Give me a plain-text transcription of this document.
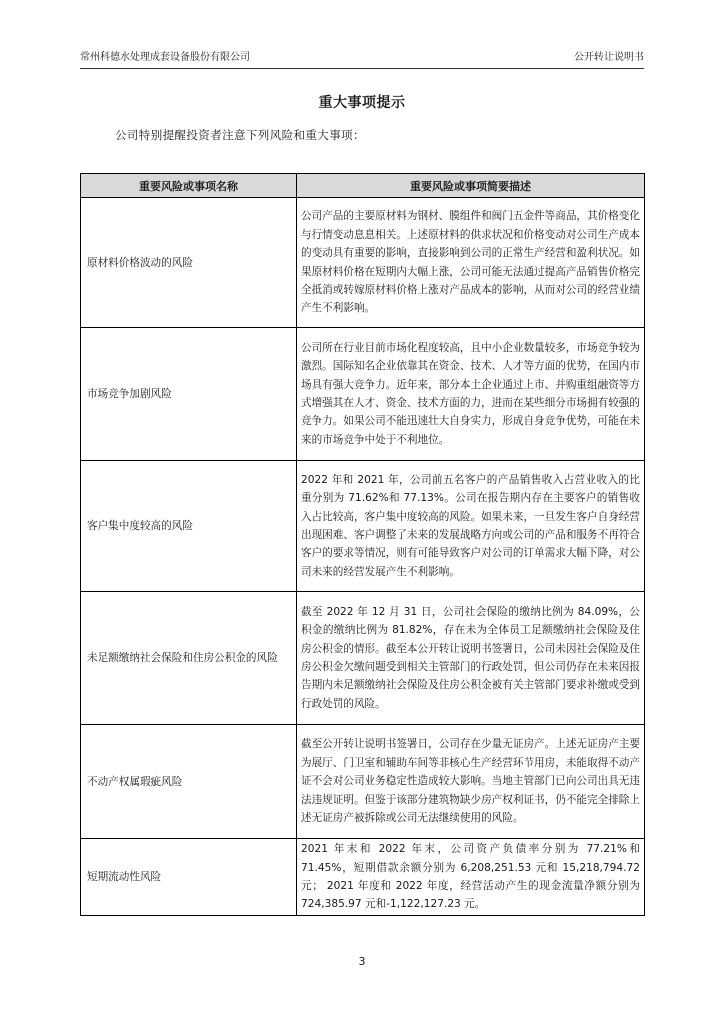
常州科德水处理成套设备股份有限公司	公开转让说明书
重大事项提示
公司特别提醒投资者注意下列风险和重大事项：
重要风险或事项名称	重要风险或事项简要描述
原材料价格波动的风险	公司产品的主要原材料为钢材、膜组件和阀门五金件等商品，其价格变化与行情变动息息相关。上述原材料的供求状况和价格变动对公司生产成本的变动具有重要的影响，直接影响到公司的正常生产经营和盈利状况。如果原材料价格在短期内大幅上涨，公司可能无法通过提高产品销售价格完全抵消或转嫁原材料价格上涨对产品成本的影响，从而对公司的经营业绩产生不利影响。
市场竞争加剧风险	公司所在行业目前市场化程度较高，且中小企业数量较多，市场竞争较为激烈。国际知名企业依靠其在资金、技术、人才等方面的优势，在国内市场具有强大竞争力。近年来，部分本土企业通过上市、并购重组融资等方式增强其在人才、资金、技术方面的力，进而在某些细分市场拥有较强的竞争力。如果公司不能迅速壮大自身实力，形成自身竞争优势，可能在未来的市场竞争中处于不利地位。
客户集中度较高的风险	2022 年和 2021 年，公司前五名客户的产品销售收入占营业收入的比重分别为 71.62%和 77.13%。公司在报告期内存在主要客户的销售收入占比较高，客户集中度较高的风险。如果未来，一旦发生客户自身经营出现困难、客户调整了未来的发展战略方向或公司的产品和服务不再符合客户的要求等情况，则有可能导致客户对公司的订单需求大幅下降，对公司未来的经营发展产生不利影响。
未足额缴纳社会保险和住房公积金的风险	截至 2022 年 12 月 31 日，公司社会保险的缴纳比例为 84.09%，公积金的缴纳比例为 81.82%，存在未为全体员工足额缴纳社会保险及住房公积金的情形。截至本公开转让说明书签署日，公司未因社会保险及住房公积金欠缴问题受到相关主管部门的行政处罚，但公司仍存在未来因报告期内未足额缴纳社会保险及住房公积金被有关主管部门要求补缴或受到行政处罚的风险。
不动产权属瑕疵风险	截至公开转让说明书签署日，公司存在少量无证房产。上述无证房产主要为展厅、门卫室和辅助车间等非核心生产经营环节用房，未能取得不动产证不会对公司业务稳定性造成较大影响。当地主管部门已向公司出具无违法违规证明。但鉴于该部分建筑物缺少房产权利证书，仍不能完全排除上述无证房产被拆除或公司无法继续使用的风险。
短期流动性风险	2021 年末和 2022 年末，公司资产负债率分别为 77.21%和 71.45%，短期借款余额分别为 6,208,251.53 元和 15,218,794.72 元； 2021 年度和 2022 年度，经营活动产生的现金流量净额分别为 724,385.97 元和-1,122,127.23 元。
3
